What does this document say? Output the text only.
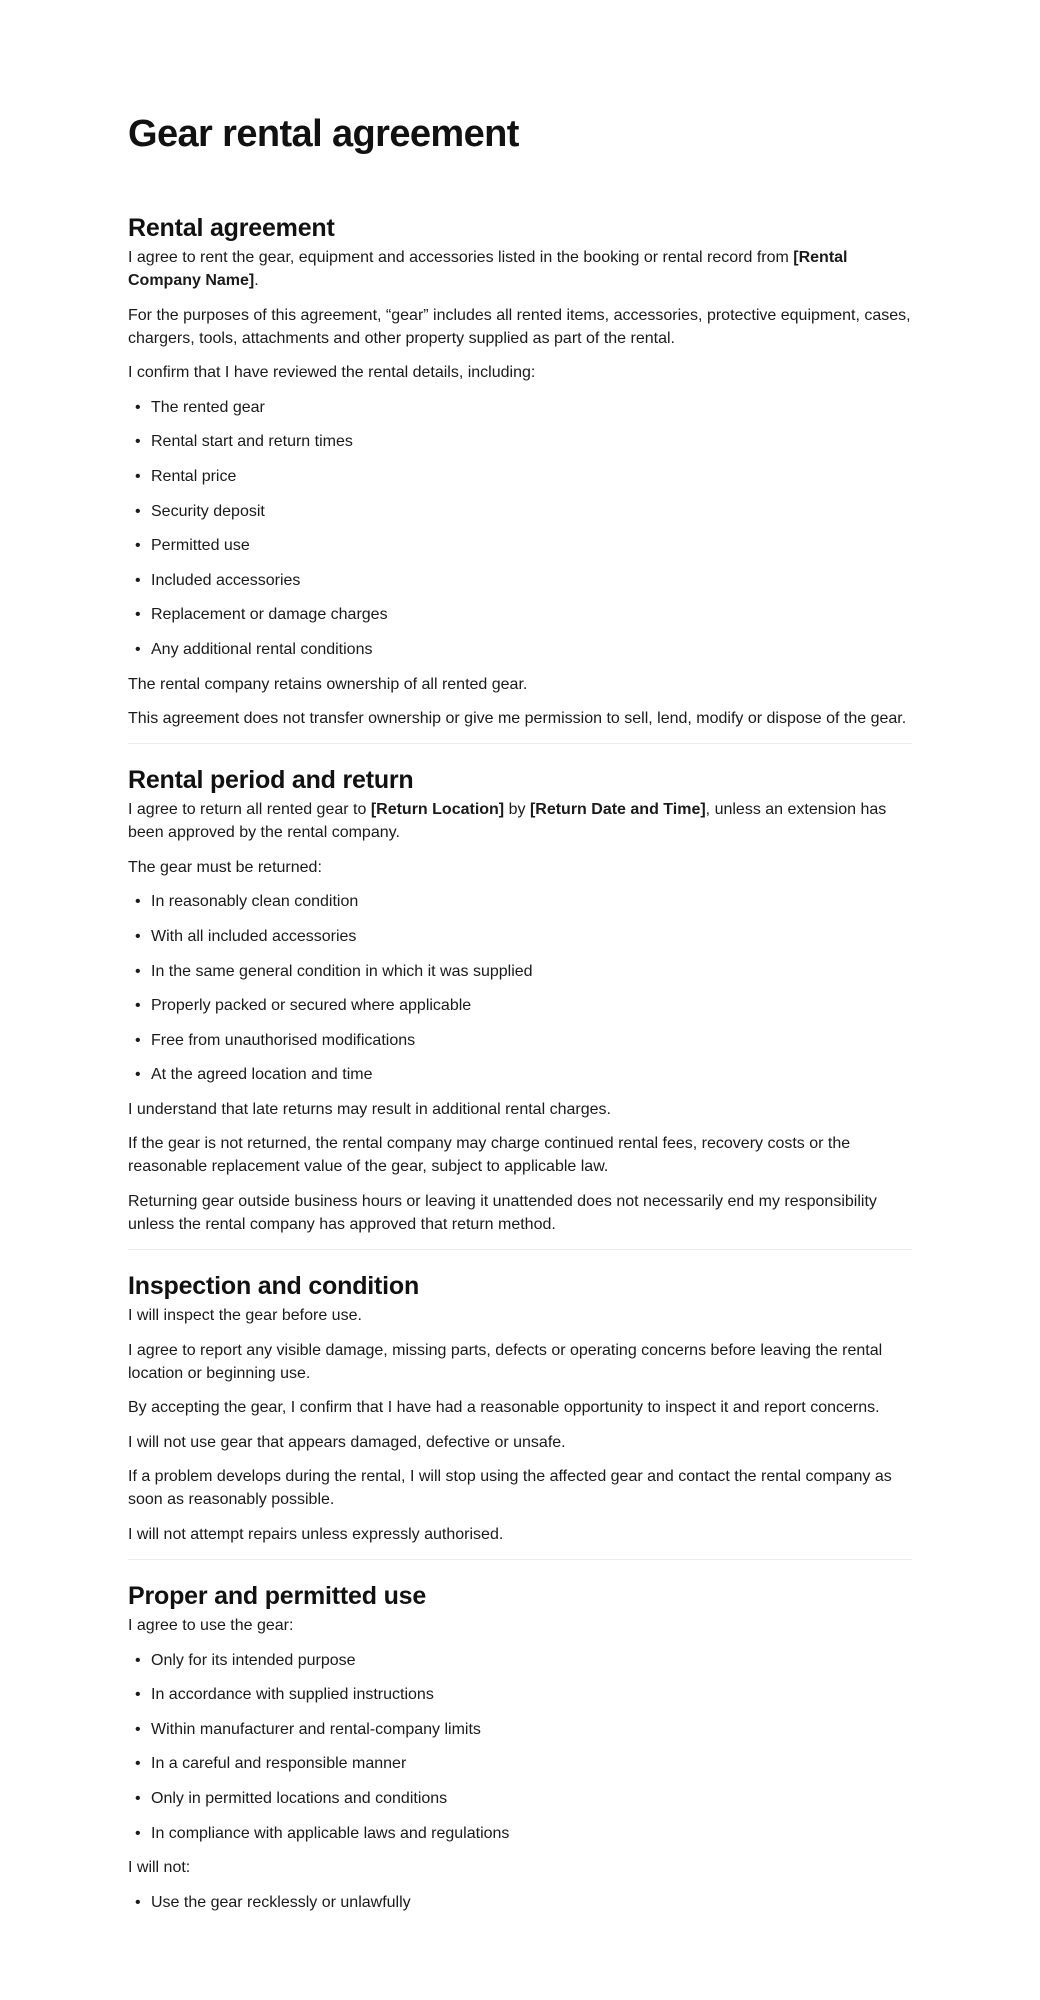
Gear rental agreement
Rental agreement

I agree to rent the gear, equipment and accessories listed in the booking or rental record from [Rental Company Name].

For the purposes of this agreement, “gear” includes all rented items, accessories, protective equipment, cases, chargers, tools, attachments and other property supplied as part of the rental.

I confirm that I have reviewed the rental details, including:

• The rented gear
• Rental start and return times
• Rental price
• Security deposit
• Permitted use
• Included accessories
• Replacement or damage charges
• Any additional rental conditions

The rental company retains ownership of all rented gear.

This agreement does not transfer ownership or give me permission to sell, lend, modify or dispose of the gear.

Rental period and return

I agree to return all rented gear to [Return Location] by [Return Date and Time], unless an extension has been approved by the rental company.

The gear must be returned:

• In reasonably clean condition
• With all included accessories
• In the same general condition in which it was supplied
• Properly packed or secured where applicable
• Free from unauthorised modifications
• At the agreed location and time

I understand that late returns may result in additional rental charges.

If the gear is not returned, the rental company may charge continued rental fees, recovery costs or the reasonable replacement value of the gear, subject to applicable law.

Returning gear outside business hours or leaving it unattended does not necessarily end my responsibility unless the rental company has approved that return method.

Inspection and condition

I will inspect the gear before use.

I agree to report any visible damage, missing parts, defects or operating concerns before leaving the rental location or beginning use.

By accepting the gear, I confirm that I have had a reasonable opportunity to inspect it and report concerns.

I will not use gear that appears damaged, defective or unsafe.

If a problem develops during the rental, I will stop using the affected gear and contact the rental company as soon as reasonably possible.

I will not attempt repairs unless expressly authorised.

Proper and permitted use

I agree to use the gear:

• Only for its intended purpose
• In accordance with supplied instructions
• Within manufacturer and rental-company limits
• In a careful and responsible manner
• Only in permitted locations and conditions
• In compliance with applicable laws and regulations

I will not:

• Use the gear recklessly or unlawfully
